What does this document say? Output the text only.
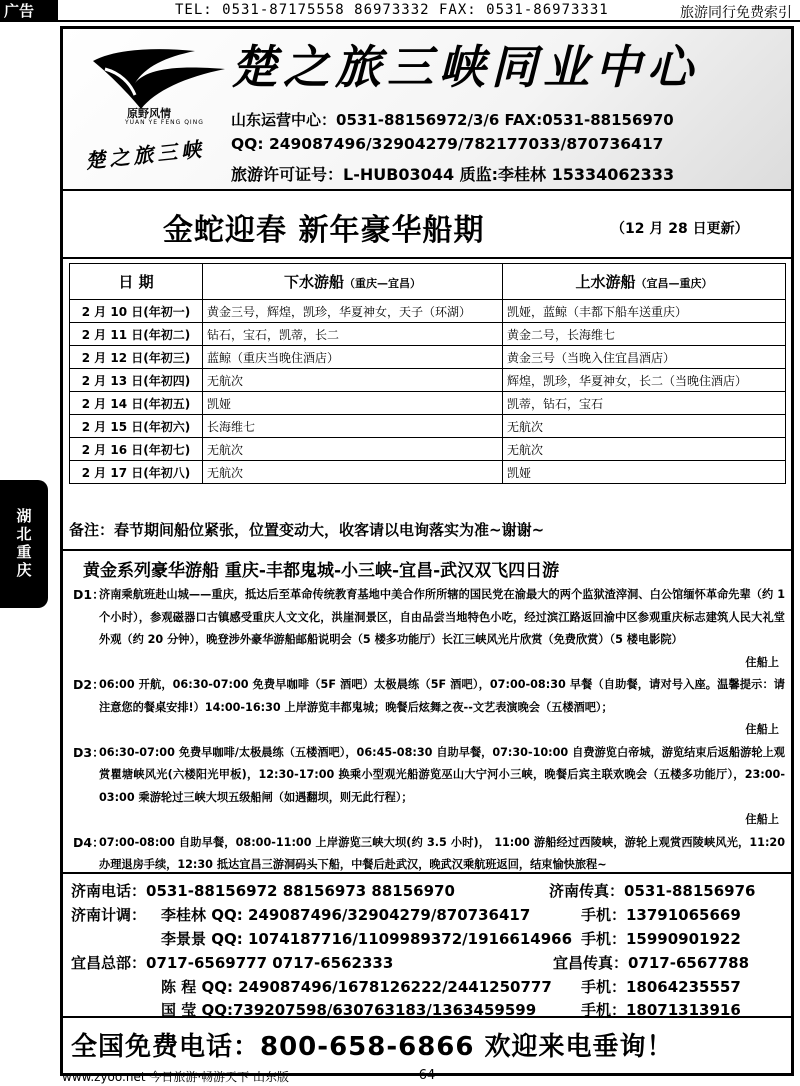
广告	TEL: 0531-87175558 86973332 FAX: 0531-86973331	旅游同行免费索引
湖北重庆
原野风情
YUAN YE FENG QING
楚之旅三峡
楚之旅三峡同业中心
山东运营中心：0531-88156972/3/6 FAX:0531-88156970
QQ: 249087496/32904279/782177033/870736417
旅游许可证号：L-HUB03044 质监:李桂林 15334062333
金蛇迎春 新年豪华船期	（12 月 28 日更新）
日 期	下水游船（重庆—宜昌）	上水游船（宜昌—重庆）
2 月 10 日(年初一)	黄金三号，辉煌，凯珍，华夏神女，天子（环湖）	凯娅，蓝鲸（丰都下船车送重庆）
2 月 11 日(年初二)	钻石，宝石，凯蒂，长二	黄金二号，长海维七
2 月 12 日(年初三)	蓝鲸（重庆当晚住酒店）	黄金三号（当晚入住宜昌酒店）
2 月 13 日(年初四)	无航次	辉煌，凯珍，华夏神女，长二（当晚住酒店）
2 月 14 日(年初五)	凯娅	凯蒂，钻石，宝石
2 月 15 日(年初六)	长海维七	无航次
2 月 16 日(年初七)	无航次	无航次
2 月 17 日(年初八)	无航次	凯娅
备注：春节期间船位紧张，位置变动大，收客请以电询落实为准~谢谢~
黄金系列豪华游船 重庆-丰都鬼城-小三峡-宜昌-武汉双飞四日游

D1：
济南乘航班赴山城——重庆，抵达后至革命传统教育基地中美合作所所辖的国民党在渝最大的两个监狱渣滓洞、白公馆缅怀革命先辈（约 1 个小时），参观磁器口古镇感受重庆人文文化，洪崖洞景区，自由品尝当地特色小吃，经过滨江路返回渝中区参观重庆标志建筑人民大礼堂外观（约 20 分钟），晚登涉外豪华游船邮船说明会（5 楼多功能厅）长江三峡风光片欣赏（免费欣赏）（5 楼电影院）
住船上

D2：
06:00 开航，06:30-07:00 免费早咖啡（5F 酒吧）太极晨练（5F 酒吧），07:00-08:30 早餐（自助餐，请对号入座。温馨提示：请注意您的餐桌安排!）14:00-16:30 上岸游览丰都鬼城；晚餐后炫舞之夜--文艺表演晚会（五楼酒吧）；
住船上

D3：
06:30-07:00 免费早咖啡/太极晨练（五楼酒吧），06:45-08:30 自助早餐，07:30-10:00 自费游览白帝城，游览结束后返船游轮上观赏瞿塘峡风光(六楼阳光甲板)，12:30-17:00 换乘小型观光船游览巫山大宁河小三峡，晚餐后宾主联欢晚会（五楼多功能厅），23:00-03:00 乘游轮过三峡大坝五级船闸（如遇翻坝，则无此行程）；
住船上

D4：
07:00-08:00 自助早餐，08:00-11:00 上岸游览三峡大坝(约 3.5 小时)， 11:00 游船经过西陵峡，游轮上观赏西陵峡风光，11:20 办理退房手续，12:30 抵达宜昌三游洞码头下船，中餐后赴武汉，晚武汉乘航班返回，结束愉快旅程~

济南电话：0531-88156972 88156973 88156970	济南传真：0531-88156976
济南计调： 李桂林 QQ: 249087496/32904279/870736417	手机：13791065669
李景景 QQ: 1074187716/1109989372/1916614966 手机：15990901922
宜昌总部：0717-6569777 0717-6562333	宜昌传真：0717-6567788
陈 程 QQ: 249087496/1678126222/2441250777 手机：18064235557
国 莹 QQ:739207598/630763183/1363459599	手机：18071313916
全国免费电话：800-658-6866 欢迎来电垂询！
www.zyoo.net 今日旅游·畅游天下 山东版	-64-
